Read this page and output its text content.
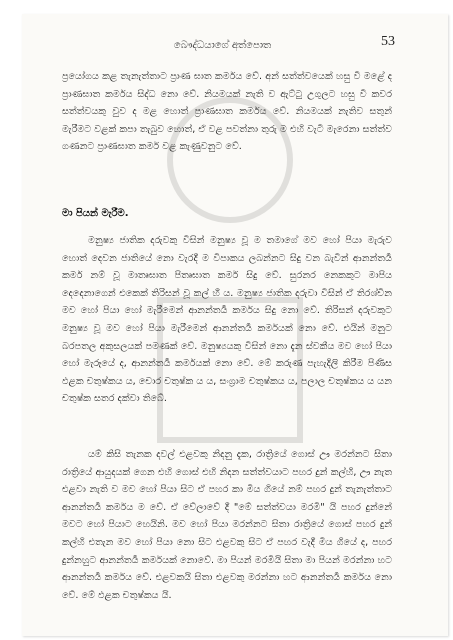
බෞද්ධයාගේ අත්පොත	53
ප්‍රයෝගය කළ තැනැත්තාට ප්‍රාණ ඝාත කර්මය වේ. අන් සත්ත්වයෙක් හසු වී මළේ ද ප්‍රාණඝාත කර්මය සිද්ධ නො වේ. නියමයක් නැති ව ඇට්ටු උගුලට හසු වී කවර සත්ත්වයකු වුව ද මළ හොත් ප්‍රාණඝාත කර්මය වේ. නියමයක් නැතිව සතුන් මැරීමට වළක් කපා තැබුව හොත්, ඒ වළ පවත්නා තුරු ම එහි වැටී මැරෙනා සත්ත්ව ගණනට ප්‍රාණඝාත කර්ම වළ කැණුවනුට වේ.
මා පියන් මැරීම.
මනුෂ්‍ය ජාතික දරුවකු විසින් මනුෂ්‍ය වූ ම තමාගේ මව හෝ පියා මැරුව හොත් දෙවන ජාතියේ නො වැරදී ම විපාකය ලබන්නට සිදු වන බැවින් ආනන්තර්‍ය කර්ම නම් වූ මාතෘඝාත පිතෘඝාත කර්ම සිදු වේ. සුරනර නෙකකුට මාපිය දෙදෙනාගෙන් එකෙක් තිරිසන් වූ කල් හී ය. මනුෂ්‍ය ජාතික දරුවා විසින් ඒ තිරශ්චීන මව හෝ පියා හෝ මැරීමෙන් ආනන්තර්‍ය කර්මය සිදු නො වේ. තිරිසන් දරුවකුට මනුෂ්‍ය වූ මව හෝ පියා මැරීමෙන් ආනන්තර්‍ය කර්මයක් නො වේ. එයින් මනුට බරපතල අකුසලයක් පමණක් වේ. මනුෂ්‍යයකු විසින් නො දැන ස්වකීය මව හෝ පියා හෝ මැරූයේ ද, ආනන්තර්‍ය කර්මයක් නො වේ. මේ කරුණ පැහැදිලි කිරීම පිණිස ඵළක චතුෂ්කය ය, චොර චතුෂ්ක ය ය, සංග්‍රාම චතුෂ්කය ය, පලාල චතුෂ්කය ය යන චතුෂ්ක සතර දක්වා තිබේ.
යම් කිසි තැනක දවල් එළවකු නිදනු දැක, රාත්‍රියේ ගොස් ඌ මරන්නට සිතා රාත්‍රියේ ආයුදයක් ගෙන එහි ගොස් එහි නිදන සත්ත්වයාට පහර දුන් කල්හි, ඌ නැත එළවා නැති ව මව හෝ පියා සිට ඒ පහර කා මිය ගියේ නම් පහර දුන් තැනැත්තාට ආනන්තර්‍ය කර්මය ම වේ. ඒ වේලාවේ දී "මේ සත්ත්වයා මරමි" යි පහර දුන්නේ මවට හෝ පියාට හෙයිනි. මව හෝ පියා මරන්නට සිතා රාත්‍රියේ ගොස් පහර දුන් කල්හි එතැන මව හෝ පියා නො සිට එළවකු සිට ඒ පහර වැදී මිය ගියේ ද, පහර දුන්නහුට ආනන්තර්‍ය කර්මයක් නොවේ. මා පියන් මරමියි සිතා මා පියන් මරන්නා හට ආනන්තර්‍ය කර්මය වේ. එළවකයි සිතා එළවකු මරන්නා හට ආනන්තර්‍ය කර්මය නො වේ. මේ ඵළක චතුෂ්කය යි.
